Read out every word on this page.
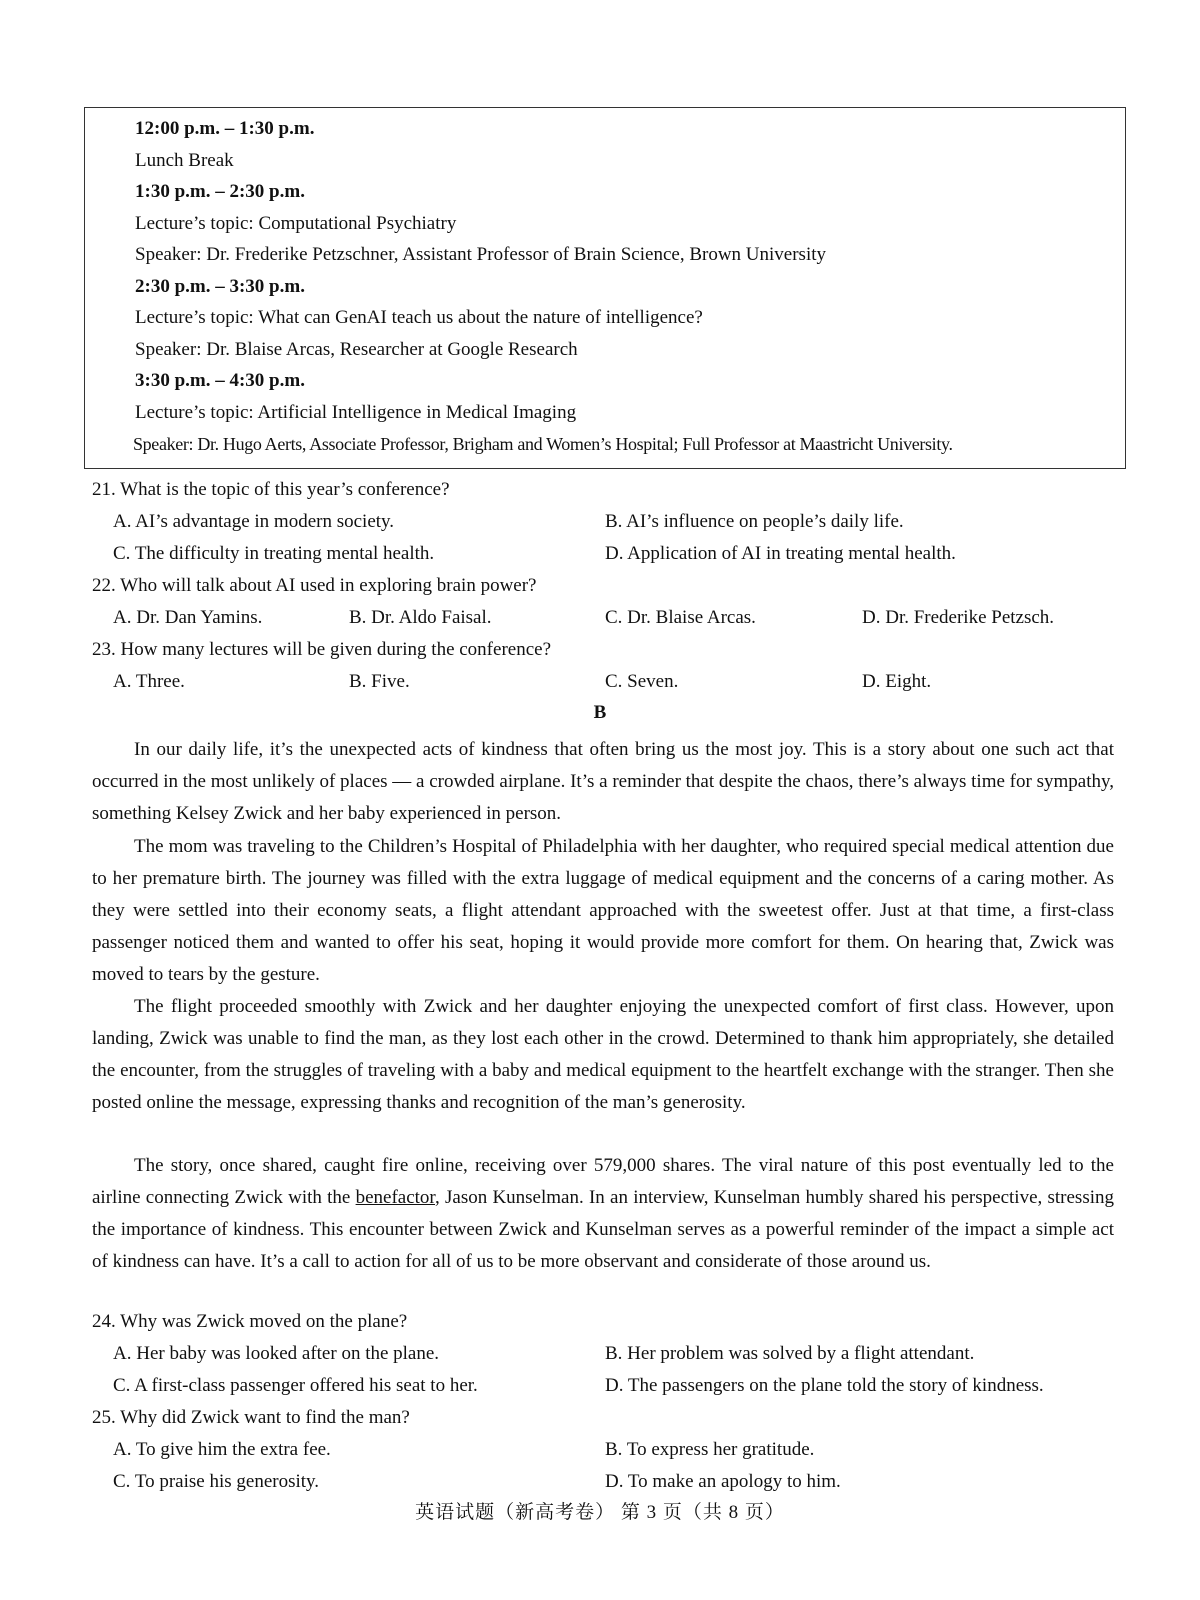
12:00 p.m. – 1:30 p.m.
Lunch Break
1:30 p.m. – 2:30 p.m.
Lecture’s topic: Computational Psychiatry
Speaker: Dr. Frederike Petzschner, Assistant Professor of Brain Science, Brown University
2:30 p.m. – 3:30 p.m.
Lecture’s topic: What can GenAI teach us about the nature of intelligence?
Speaker: Dr. Blaise Arcas, Researcher at Google Research
3:30 p.m. – 4:30 p.m.
Lecture’s topic: Artificial Intelligence in Medical Imaging
Speaker: Dr. Hugo Aerts, Associate Professor, Brigham and Women’s Hospital; Full Professor at Maastricht University.
21. What is the topic of this year’s conference?
A. AI’s advantage in modern society.	B. AI’s influence on people’s daily life.
C. The difficulty in treating mental health.	D. Application of AI in treating mental health.
22. Who will talk about AI used in exploring brain power?
A. Dr. Dan Yamins.	B. Dr. Aldo Faisal.	C. Dr. Blaise Arcas.	D. Dr. Frederike Petzsch.
23. How many lectures will be given during the conference?
A. Three.	B. Five.	C. Seven.	D. Eight.
B

In our daily life, it’s the unexpected acts of kindness that often bring us the most joy. This is a story about one such act that occurred in the most unlikely of places — a crowded airplane. It’s a reminder that despite the chaos, there’s always time for sympathy, something Kelsey Zwick and her baby experienced in person.

The mom was traveling to the Children’s Hospital of Philadelphia with her daughter, who required special medical attention due to her premature birth. The journey was filled with the extra luggage of medical equipment and the concerns of a caring mother. As they were settled into their economy seats, a flight attendant approached with the sweetest offer. Just at that time, a first-class passenger noticed them and wanted to offer his seat, hoping it would provide more comfort for them. On hearing that, Zwick was moved to tears by the gesture.

The flight proceeded smoothly with Zwick and her daughter enjoying the unexpected comfort of first class. However, upon landing, Zwick was unable to find the man, as they lost each other in the crowd. Determined to thank him appropriately, she detailed the encounter, from the struggles of traveling with a baby and medical equipment to the heartfelt exchange with the stranger. Then she posted online the message, expressing thanks and recognition of the man’s generosity.

The story, once shared, caught fire online, receiving over 579,000 shares. The viral nature of this post eventually led to the airline connecting Zwick with the benefactor, Jason Kunselman. In an interview, Kunselman humbly shared his perspective, stressing the importance of kindness. This encounter between Zwick and Kunselman serves as a powerful reminder of the impact a simple act of kindness can have. It’s a call to action for all of us to be more observant and considerate of those around us.

24. Why was Zwick moved on the plane?
A. Her baby was looked after on the plane.	B. Her problem was solved by a flight attendant.
C. A first-class passenger offered his seat to her.	D. The passengers on the plane told the story of kindness.
25. Why did Zwick want to find the man?
A. To give him the extra fee.	B. To express her gratitude.
C. To praise his generosity.	D. To make an apology to him.
英语试题（新高考卷） 第 3 页（共 8 页）
